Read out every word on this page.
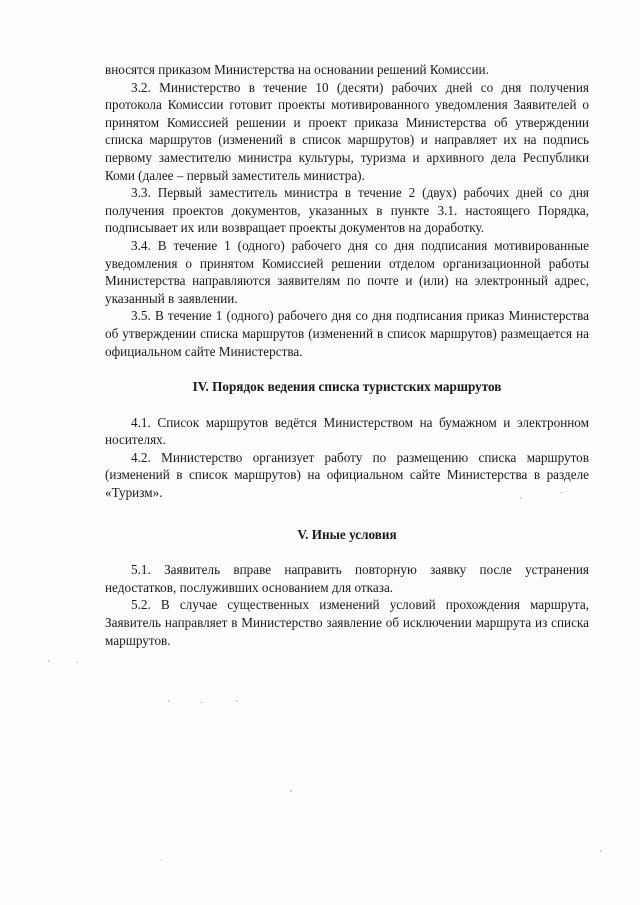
вносятся приказом Министерства на основании решений Комиссии.

3.2. Министерство в течение 10 (десяти) рабочих дней со дня получения протокола Комиссии готовит проекты мотивированного уведомления Заявителей о принятом Комиссией решении и проект приказа Министерства об утверждении списка маршрутов (изменений в список маршрутов) и направляет их на подпись первому заместителю министра культуры, туризма и архивного дела Республики Коми (далее – первый заместитель министра).

3.3. Первый заместитель министра в течение 2 (двух) рабочих дней со дня получения проектов документов, указанных в пункте 3.1. настоящего Порядка, подписывает их или возвращает проекты документов на доработку.

3.4. В течение 1 (одного) рабочего дня со дня подписания мотивированные уведомления о принятом Комиссией решении отделом организационной работы Министерства направляются заявителям по почте и (или) на электронный адрес, указанный в заявлении.

3.5. В течение 1 (одного) рабочего дня со дня подписания приказ Министерства об утверждении списка маршрутов (изменений в список маршрутов) размещается на официальном сайте Министерства.

IV. Порядок ведения списка туристских маршрутов

4.1. Список маршрутов ведётся Министерством на бумажном и электронном носителях.

4.2. Министерство организует работу по размещению списка маршрутов (изменений в список маршрутов) на официальном сайте Министерства в разделе «Туризм».

V. Иные условия

5.1. Заявитель вправе направить повторную заявку после устранения недостатков, послуживших основанием для отказа.

5.2. В случае существенных изменений условий прохождения маршрута, Заявитель направляет в Министерство заявление об исключении маршрута из списка маршрутов.
